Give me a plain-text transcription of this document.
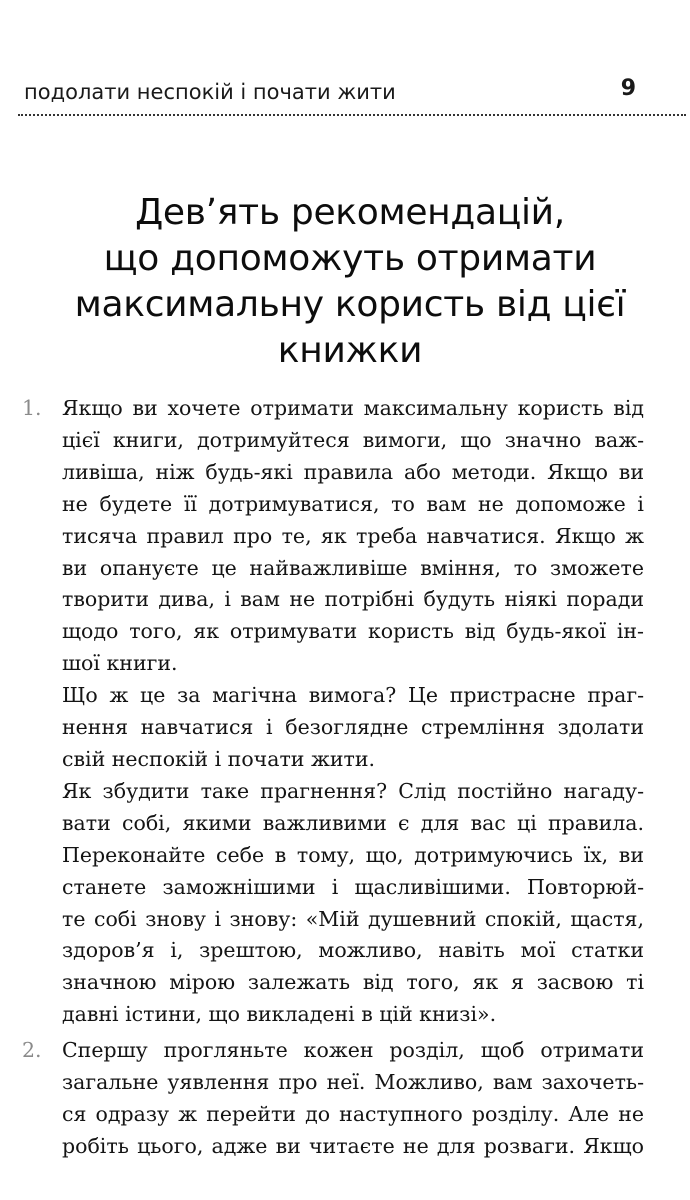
подолати неспокій і почати жити	9
Дев’ять рекомендацій,
що допоможуть отримати
максимальну користь від цієї
книжки
1. Якщо ви хочете отримати максимальну користь від
цієї книги, дотримуйтеся вимоги, що значно важ-
ливіша, ніж будь-які правила або методи. Якщо ви
не будете її дотримуватися, то вам не допоможе і
тисяча правил про те, як треба навчатися. Якщо ж
ви опануєте це найважливіше вміння, то зможете
творити дива, і вам не потрібні будуть ніякі поради
щодо того, як отримувати користь від будь-якої ін-
шої книги.
Що ж це за магічна вимога? Це пристрасне праг-
нення навчатися і безоглядне стремління здолати
свій неспокій і почати жити.
Як збудити таке прагнення? Слід постійно нагаду-
вати собі, якими важливими є для вас ці правила.
Переконайте себе в тому, що, дотримуючись їх, ви
станете заможнішими і щасливішими. Повторюй-
те собі знову і знову: «Мій душевний спокій, щастя,
здоров’я і, зрештою, можливо, навіть мої статки
значною мірою залежать від того, як я засвою ті
давні істини, що викладені в цій книзі».
2. Спершу прогляньте кожен розділ, щоб отримати
загальне уявлення про неї. Можливо, вам захочеть-
ся одразу ж перейти до наступного розділу. Але не
робіть цього, адже ви читаєте не для розваги. Якщо
